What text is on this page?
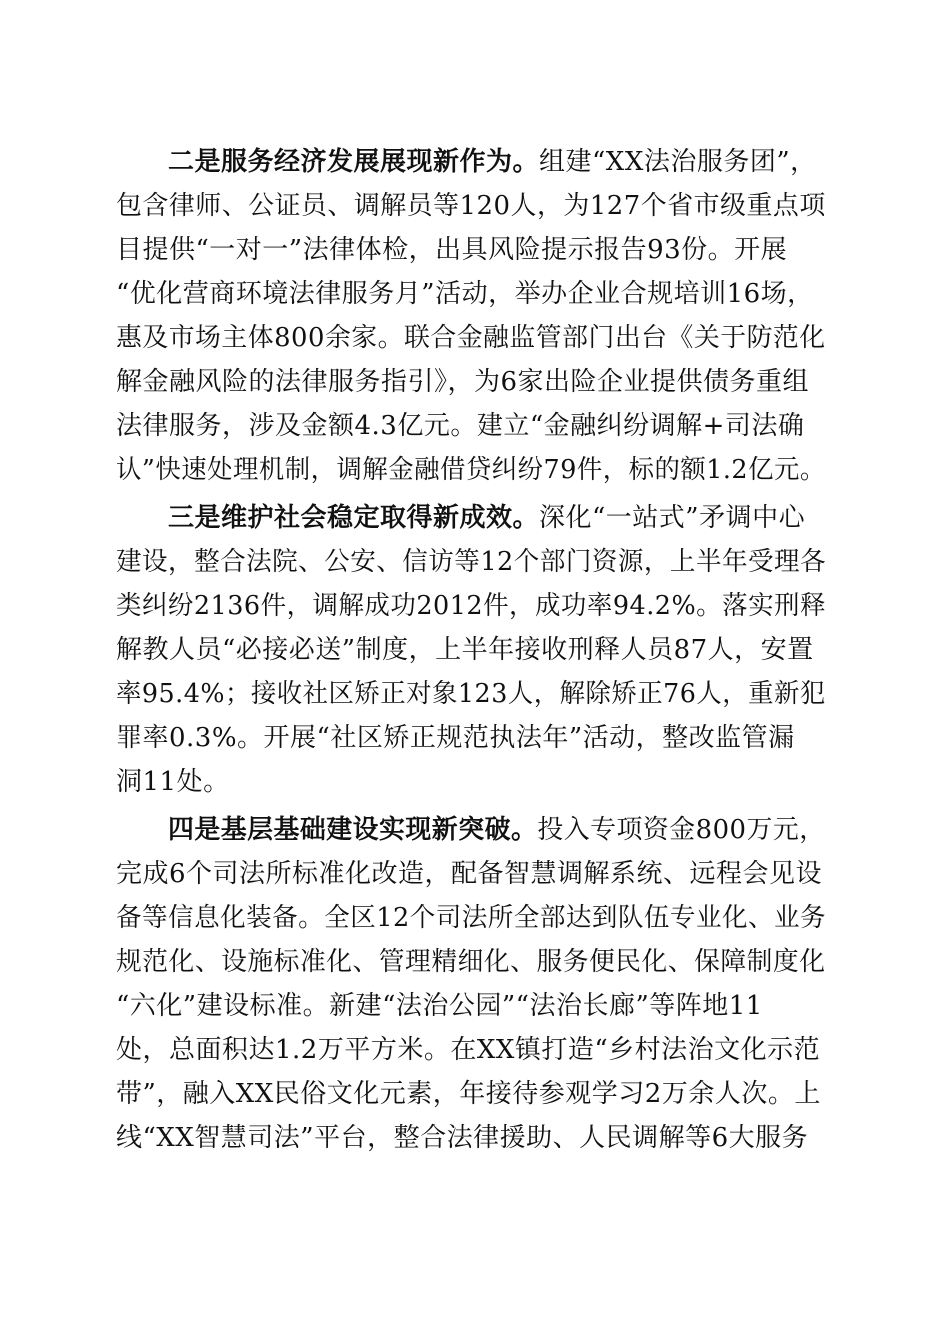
二是服务经济发展展现新作为。组建“XX法治服务团”，
包含律师、公证员、调解员等120人，为127个省市级重点项
目提供“一对一”法律体检，出具风险提示报告93份。开展
“优化营商环境法律服务月”活动，举办企业合规培训16场，
惠及市场主体800余家。联合金融监管部门出台《关于防范化
解金融风险的法律服务指引》，为6家出险企业提供债务重组
法律服务，涉及金额4.3亿元。建立“金融纠纷调解+司法确
认”快速处理机制，调解金融借贷纠纷79件，标的额1.2亿元。
三是维护社会稳定取得新成效。深化“一站式”矛调中心
建设，整合法院、公安、信访等12个部门资源，上半年受理各
类纠纷2136件，调解成功2012件，成功率94.2%。落实刑释
解教人员“必接必送”制度，上半年接收刑释人员87人，安置
率95.4%；接收社区矫正对象123人，解除矫正76人，重新犯
罪率0.3%。开展“社区矫正规范执法年”活动，整改监管漏
洞11处。
四是基层基础建设实现新突破。投入专项资金800万元，
完成6个司法所标准化改造，配备智慧调解系统、远程会见设
备等信息化装备。全区12个司法所全部达到队伍专业化、业务
规范化、设施标准化、管理精细化、服务便民化、保障制度化
“六化”建设标准。新建“法治公园”“法治长廊”等阵地11
处，总面积达1.2万平方米。在XX镇打造“乡村法治文化示范
带”，融入XX民俗文化元素，年接待参观学习2万余人次。上
线“XX智慧司法”平台，整合法律援助、人民调解等6大服务
